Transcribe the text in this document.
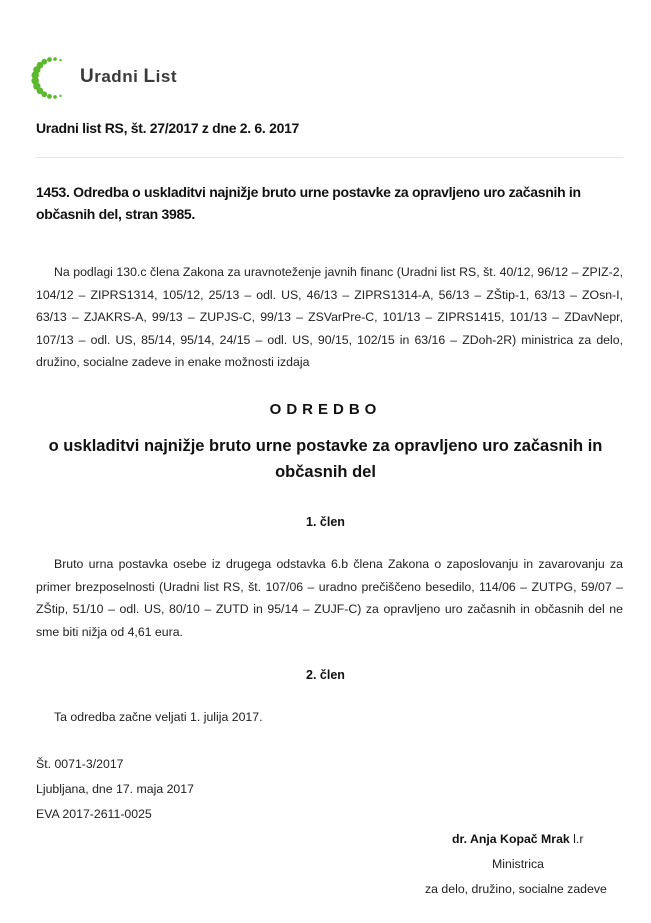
Uradni List
Uradni list RS, št. 27/2017 z dne 2. 6. 2017
1453. Odredba o uskladitvi najnižje bruto urne postavke za opravljeno uro začasnih in občasnih del, stran 3985.
Na podlagi 130.c člena Zakona za uravnoteženje javnih financ (Uradni list RS, št. 40/12, 96/12 – ZPIZ-2, 104/12 – ZIPRS1314, 105/12, 25/13 – odl. US, 46/13 – ZIPRS1314-A, 56/13 – ZŠtip-1, 63/13 – ZOsn-I, 63/13 – ZJAKRS-A, 99/13 – ZUPJS-C, 99/13 – ZSVarPre-C, 101/13 – ZIPRS1415, 101/13 – ZDavNepr, 107/13 – odl. US, 85/14, 95/14, 24/15 – odl. US, 90/15, 102/15 in 63/16 – ZDoh-2R) ministrica za delo, družino, socialne zadeve in enake možnosti izdaja
ODREDBO
o uskladitvi najnižje bruto urne postavke za opravljeno uro začasnih in občasnih del
1. člen
Bruto urna postavka osebe iz drugega odstavka 6.b člena Zakona o zaposlovanju in zavarovanju za primer brezposelnosti (Uradni list RS, št. 107/06 – uradno prečiščeno besedilo, 114/06 – ZUTPG, 59/07 – ZŠtip, 51/10 – odl. US, 80/10 – ZUTD in 95/14 – ZUJF-C) za opravljeno uro začasnih in občasnih del ne sme biti nižja od 4,61 eura.
2. člen
Ta odredba začne veljati 1. julija 2017.
Št. 0071-3/2017
Ljubljana, dne 17. maja 2017
EVA 2017-2611-0025
dr. Anja Kopač Mrak l.r
Ministrica
za delo, družino, socialne zadeve
